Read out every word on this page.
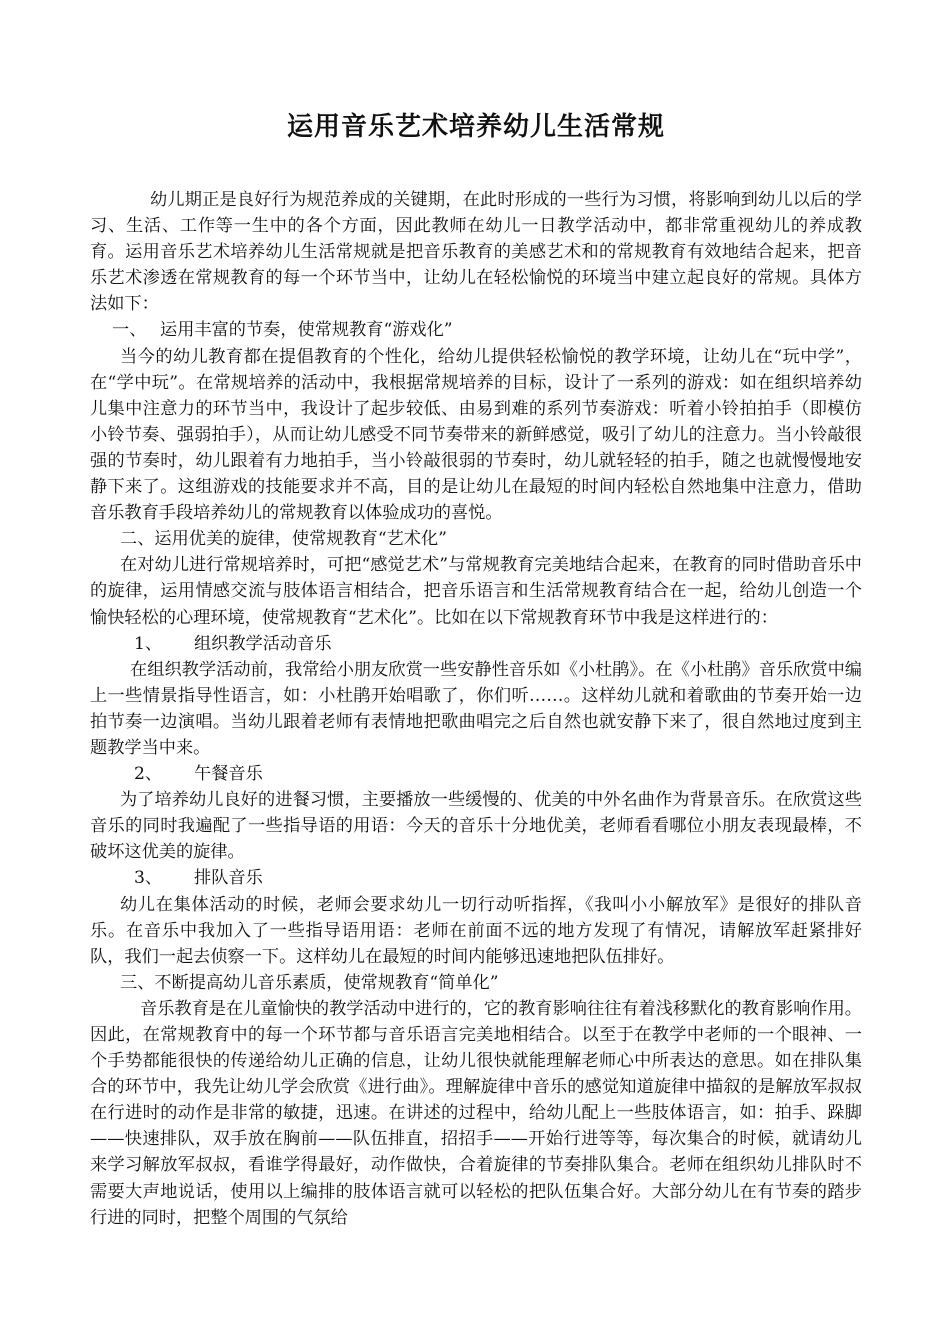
运用音乐艺术培养幼儿生活常规

幼儿期正是良好行为规范养成的关键期，在此时形成的一些行为习惯，将影响到幼儿以后的学习、生活、工作等一生中的各个方面，因此教师在幼儿一日教学活动中，都非常重视幼儿的养成教育。运用音乐艺术培养幼儿生活常规就是把音乐教育的美感艺术和的常规教育有效地结合起来，把音乐艺术渗透在常规教育的每一个环节当中，让幼儿在轻松愉悦的环境当中建立起良好的常规。具体方法如下：

一、 运用丰富的节奏，使常规教育“游戏化”

当今的幼儿教育都在提倡教育的个性化，给幼儿提供轻松愉悦的教学环境，让幼儿在“玩中学”，在“学中玩”。在常规培养的活动中，我根据常规培养的目标，设计了一系列的游戏：如在组织培养幼儿集中注意力的环节当中，我设计了起步较低、由易到难的系列节奏游戏：听着小铃拍拍手（即模仿小铃节奏、强弱拍手），从而让幼儿感受不同节奏带来的新鲜感觉，吸引了幼儿的注意力。当小铃敲很强的节奏时，幼儿跟着有力地拍手，当小铃敲很弱的节奏时，幼儿就轻轻的拍手，随之也就慢慢地安静下来了。这组游戏的技能要求并不高，目的是让幼儿在最短的时间内轻松自然地集中注意力，借助音乐教育手段培养幼儿的常规教育以体验成功的喜悦。

二、运用优美的旋律，使常规教育“艺术化”

在对幼儿进行常规培养时，可把“感觉艺术”与常规教育完美地结合起来，在教育的同时借助音乐中的旋律，运用情感交流与肢体语言相结合，把音乐语言和生活常规教育结合在一起，给幼儿创造一个愉快轻松的心理环境，使常规教育“艺术化”。比如在以下常规教育环节中我是这样进行的：

1、 组织教学活动音乐

在组织教学活动前，我常给小朋友欣赏一些安静性音乐如《小杜鹃》。在《小杜鹃》音乐欣赏中编上一些情景指导性语言，如：小杜鹃开始唱歌了，你们听……。这样幼儿就和着歌曲的节奏开始一边拍节奏一边演唱。当幼儿跟着老师有表情地把歌曲唱完之后自然也就安静下来了，很自然地过度到主题教学当中来。

2、 午餐音乐

为了培养幼儿良好的进餐习惯，主要播放一些缓慢的、优美的中外名曲作为背景音乐。在欣赏这些音乐的同时我遍配了一些指导语的用语：今天的音乐十分地优美，老师看看哪位小朋友表现最棒，不破坏这优美的旋律。

3、 排队音乐

幼儿在集体活动的时候，老师会要求幼儿一切行动听指挥，《我叫小小解放军》是很好的排队音乐。在音乐中我加入了一些指导语用语：老师在前面不远的地方发现了有情况，请解放军赶紧排好队，我们一起去侦察一下。这样幼儿在最短的时间内能够迅速地把队伍排好。

三、不断提高幼儿音乐素质，使常规教育“简单化”

音乐教育是在儿童愉快的教学活动中进行的，它的教育影响往往有着浅移默化的教育影响作用。因此，在常规教育中的每一个环节都与音乐语言完美地相结合。以至于在教学中老师的一个眼神、一个手势都能很快的传递给幼儿正确的信息，让幼儿很快就能理解老师心中所表达的意思。如在排队集合的环节中，我先让幼儿学会欣赏《进行曲》。理解旋律中音乐的感觉知道旋律中描叙的是解放军叔叔在行进时的动作是非常的敏捷，迅速。在讲述的过程中，给幼儿配上一些肢体语言，如：拍手、跺脚——快速排队，双手放在胸前——队伍排直，招招手——开始行进等等，每次集合的时候，就请幼儿来学习解放军叔叔，看谁学得最好，动作做快，合着旋律的节奏排队集合。老师在组织幼儿排队时不需要大声地说话，使用以上编排的肢体语言就可以轻松的把队伍集合好。大部分幼儿在有节奏的踏步行进的同时，把整个周围的气氛给
